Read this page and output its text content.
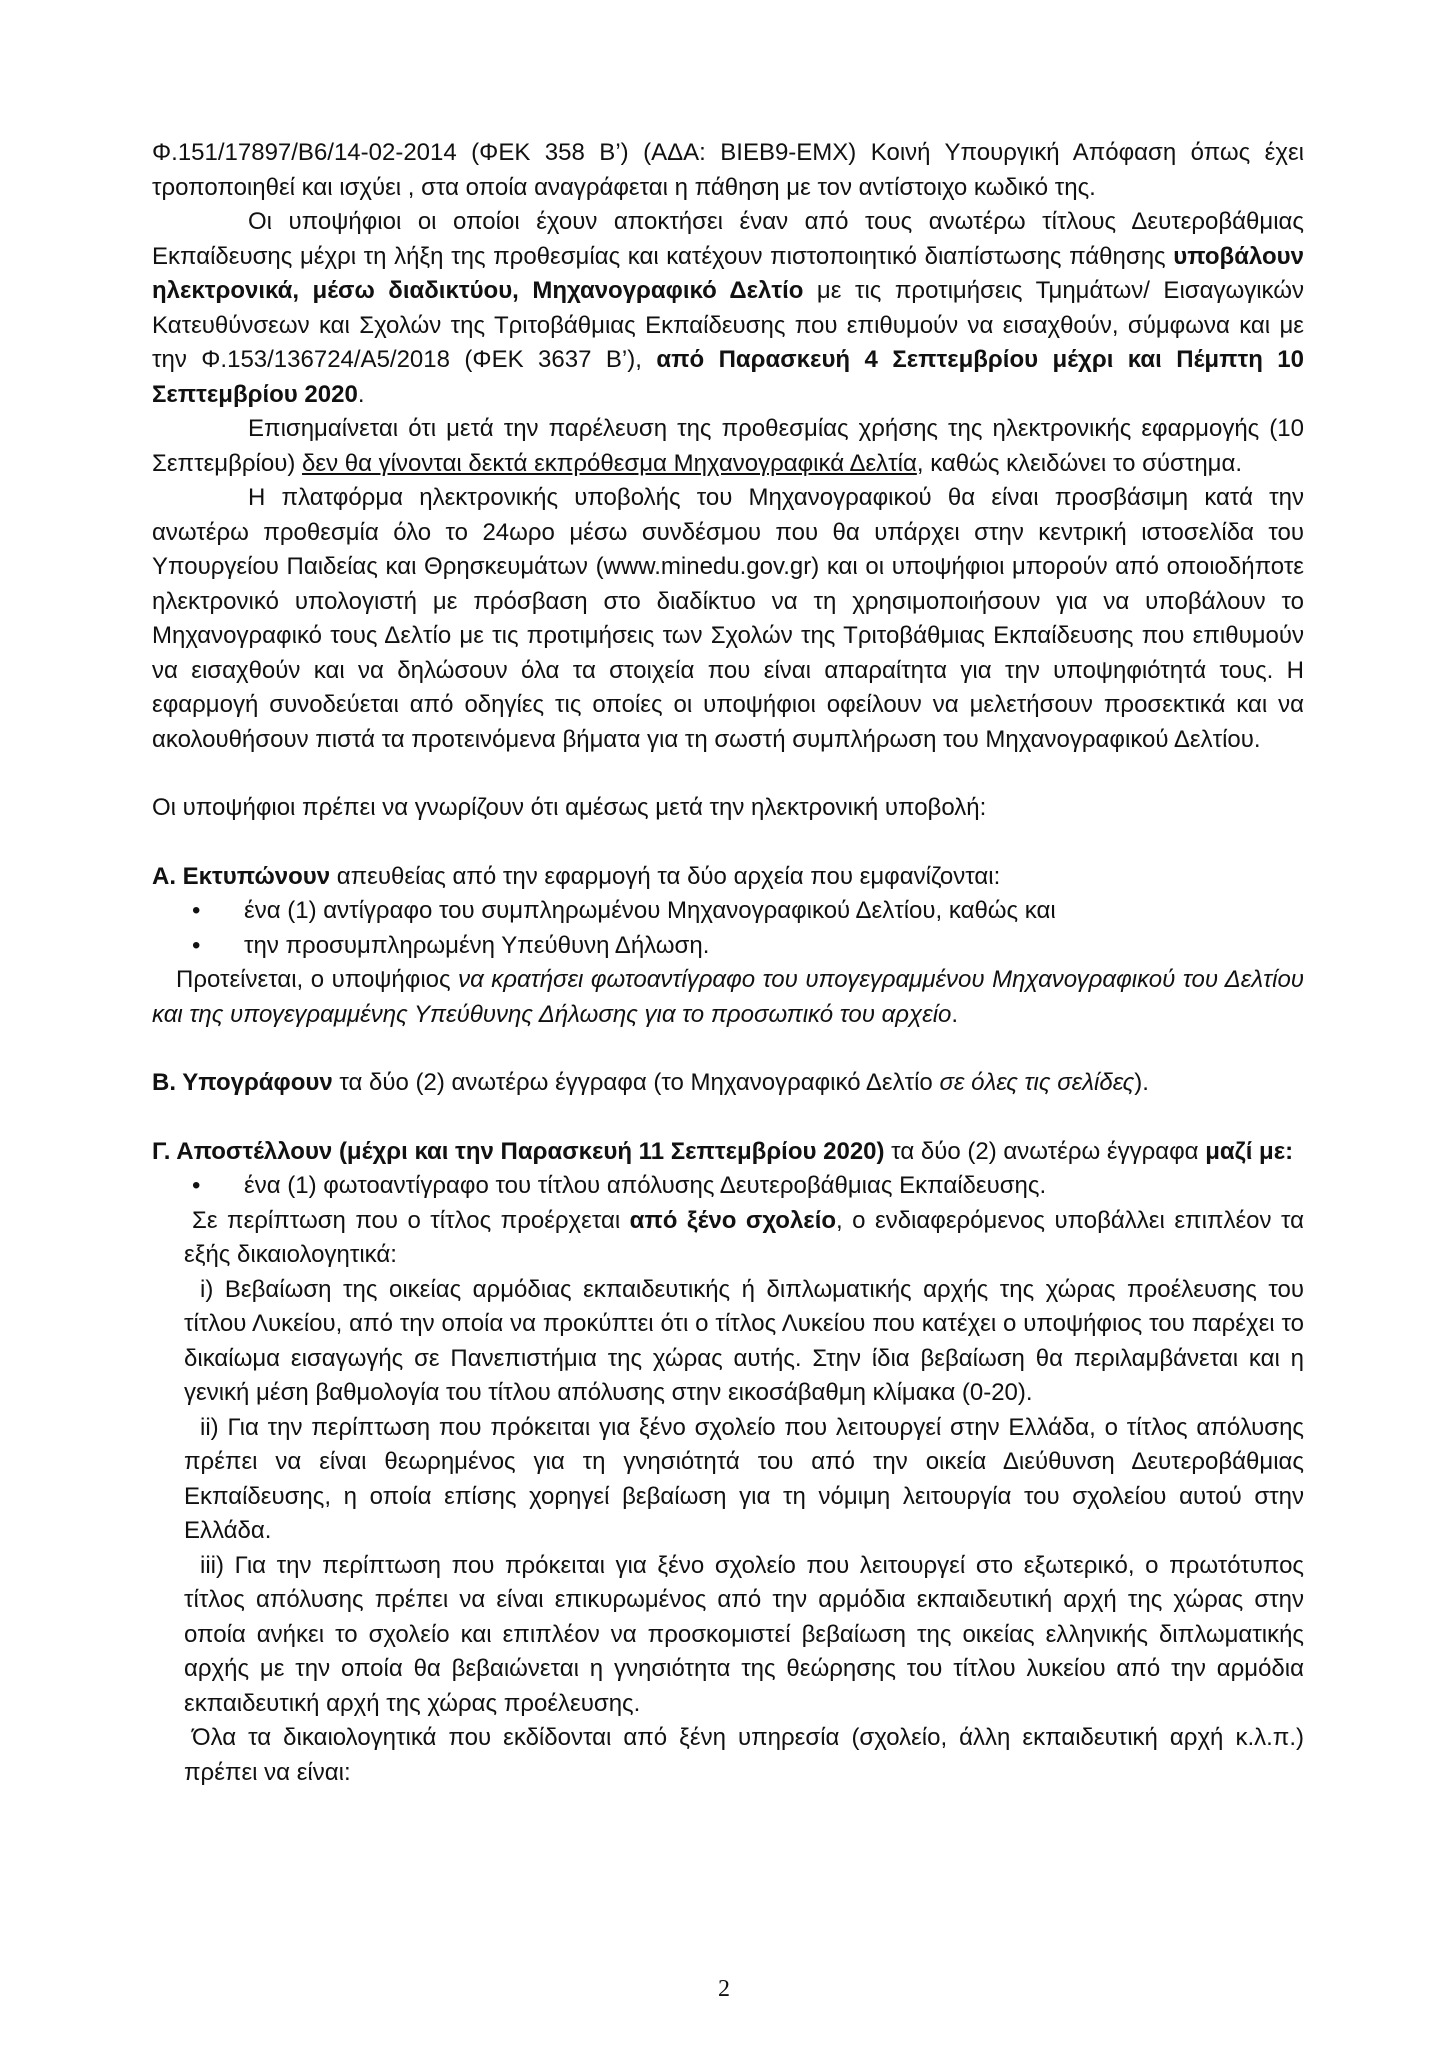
Φ.151/17897/Β6/14-02-2014 (ΦΕΚ 358 Β’) (ΑΔΑ: ΒΙΕΒ9-ΕΜΧ) Κοινή Υπουργική Απόφαση όπως έχει τροποποιηθεί και ισχύει , στα οποία αναγράφεται η πάθηση με τον αντίστοιχο κωδικό της.

Οι υποψήφιοι οι οποίοι έχουν αποκτήσει έναν από τους ανωτέρω τίτλους Δευτεροβάθμιας Εκπαίδευσης μέχρι τη λήξη της προθεσμίας και κατέχουν πιστοποιητικό διαπίστωσης πάθησης υποβάλουν ηλεκτρονικά, μέσω διαδικτύου, Μηχανογραφικό Δελτίο με τις προτιμήσεις Τμημάτων/ Εισαγωγικών Κατευθύνσεων και Σχολών της Τριτοβάθμιας Εκπαίδευσης που επιθυμούν να εισαχθούν, σύμφωνα και με την Φ.153/136724/Α5/2018 (ΦΕΚ 3637 Β’), από Παρασκευή 4 Σεπτεμβρίου μέχρι και Πέμπτη 10 Σεπτεμβρίου 2020.

Επισημαίνεται ότι μετά την παρέλευση της προθεσμίας χρήσης της ηλεκτρονικής εφαρμογής (10 Σεπτεμβρίου) δεν θα γίνονται δεκτά εκπρόθεσμα Μηχανογραφικά Δελτία, καθώς κλειδώνει το σύστημα.

Η πλατφόρμα ηλεκτρονικής υποβολής του Μηχανογραφικού θα είναι προσβάσιμη κατά την ανωτέρω προθεσμία όλο το 24ωρο μέσω συνδέσμου που θα υπάρχει στην κεντρική ιστοσελίδα του Υπουργείου Παιδείας και Θρησκευμάτων (www.minedu.gov.gr) και οι υποψήφιοι μπορούν από οποιοδήποτε ηλεκτρονικό υπολογιστή με πρόσβαση στο διαδίκτυο να τη χρησιμοποιήσουν για να υποβάλουν το Μηχανογραφικό τους Δελτίο με τις προτιμήσεις των Σχολών της Τριτοβάθμιας Εκπαίδευσης που επιθυμούν να εισαχθούν και να δηλώσουν όλα τα στοιχεία που είναι απαραίτητα για την υποψηφιότητά τους. Η εφαρμογή συνοδεύεται από οδηγίες τις οποίες οι υποψήφιοι οφείλουν να μελετήσουν προσεκτικά και να ακολουθήσουν πιστά τα προτεινόμενα βήματα για τη σωστή συμπλήρωση του Μηχανογραφικού Δελτίου.

Οι υποψήφιοι πρέπει να γνωρίζουν ότι αμέσως μετά την ηλεκτρονική υποβολή:

Α. Εκτυπώνουν απευθείας από την εφαρμογή τα δύο αρχεία που εμφανίζονται:

• ένα (1) αντίγραφο του συμπληρωμένου Μηχανογραφικού Δελτίου, καθώς και
• την προσυμπληρωμένη Υπεύθυνη Δήλωση.

Προτείνεται, ο υποψήφιος να κρατήσει φωτοαντίγραφο του υπογεγραμμένου Μηχανογραφικού του Δελτίου και της υπογεγραμμένης Υπεύθυνης Δήλωσης για το προσωπικό του αρχείο.

Β. Υπογράφουν τα δύο (2) ανωτέρω έγγραφα (το Μηχανογραφικό Δελτίο σε όλες τις σελίδες).

Γ. Αποστέλλουν (μέχρι και την Παρασκευή 11 Σεπτεμβρίου 2020) τα δύο (2) ανωτέρω έγγραφα μαζί με:

• ένα (1) φωτοαντίγραφο του τίτλου απόλυσης Δευτεροβάθμιας Εκπαίδευσης.

Σε περίπτωση που ο τίτλος προέρχεται από ξένο σχολείο, ο ενδιαφερόμενος υποβάλλει επιπλέον τα εξής δικαιολογητικά:

i) Βεβαίωση της οικείας αρμόδιας εκπαιδευτικής ή διπλωματικής αρχής της χώρας προέλευσης του τίτλου Λυκείου, από την οποία να προκύπτει ότι ο τίτλος Λυκείου που κατέχει ο υποψήφιος του παρέχει το δικαίωμα εισαγωγής σε Πανεπιστήμια της χώρας αυτής. Στην ίδια βεβαίωση θα περιλαμβάνεται και η γενική μέση βαθμολογία του τίτλου απόλυσης στην εικοσάβαθμη κλίμακα (0-20).

ii) Για την περίπτωση που πρόκειται για ξένο σχολείο που λειτουργεί στην Ελλάδα, ο τίτλος απόλυσης πρέπει να είναι θεωρημένος για τη γνησιότητά του από την οικεία Διεύθυνση Δευτεροβάθμιας Εκπαίδευσης, η οποία επίσης χορηγεί βεβαίωση για τη νόμιμη λειτουργία του σχολείου αυτού στην Ελλάδα.

iii) Για την περίπτωση που πρόκειται για ξένο σχολείο που λειτουργεί στο εξωτερικό, ο πρωτότυπος τίτλος απόλυσης πρέπει να είναι επικυρωμένος από την αρμόδια εκπαιδευτική αρχή της χώρας στην οποία ανήκει το σχολείο και επιπλέον να προσκομιστεί βεβαίωση της οικείας ελληνικής διπλωματικής αρχής με την οποία θα βεβαιώνεται η γνησιότητα της θεώρησης του τίτλου λυκείου από την αρμόδια εκπαιδευτική αρχή της χώρας προέλευσης.

Όλα τα δικαιολογητικά που εκδίδονται από ξένη υπηρεσία (σχολείο, άλλη εκπαιδευτική αρχή κ.λ.π.) πρέπει να είναι:

2
